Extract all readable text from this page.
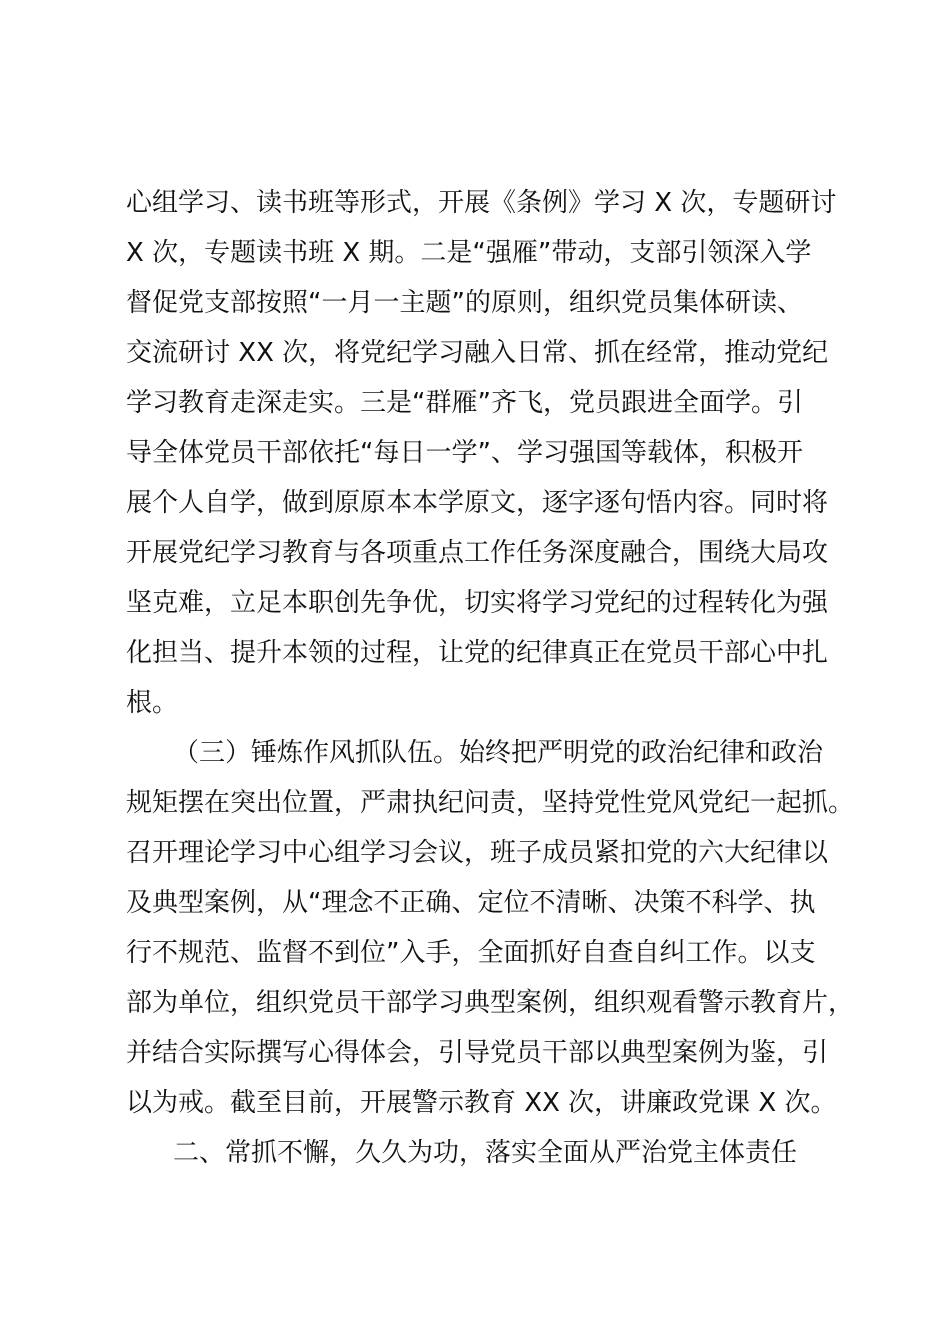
心组学习、读书班等形式，开展《条例》学习 X 次，专题研讨
X 次，专题读书班 X 期。二是“强雁”带动，支部引领深入学
督促党支部按照“一月一主题”的原则，组织党员集体研读、
交流研讨 XX 次，将党纪学习融入日常、抓在经常，推动党纪
学习教育走深走实。三是“群雁”齐飞，党员跟进全面学。引
导全体党员干部依托“每日一学”、学习强国等载体，积极开
展个人自学，做到原原本本学原文，逐字逐句悟内容。同时将
开展党纪学习教育与各项重点工作任务深度融合，围绕大局攻
坚克难，立足本职创先争优，切实将学习党纪的过程转化为强
化担当、提升本领的过程，让党的纪律真正在党员干部心中扎
根。
（三）锤炼作风抓队伍。始终把严明党的政治纪律和政治
规矩摆在突出位置，严肃执纪问责，坚持党性党风党纪一起抓。
召开理论学习中心组学习会议，班子成员紧扣党的六大纪律以
及典型案例，从“理念不正确、定位不清晰、决策不科学、执
行不规范、监督不到位”入手，全面抓好自查自纠工作。以支
部为单位，组织党员干部学习典型案例，组织观看警示教育片，
并结合实际撰写心得体会，引导党员干部以典型案例为鉴，引
以为戒。截至目前，开展警示教育 XX 次，讲廉政党课 X 次。
二、常抓不懈，久久为功，落实全面从严治党主体责任
